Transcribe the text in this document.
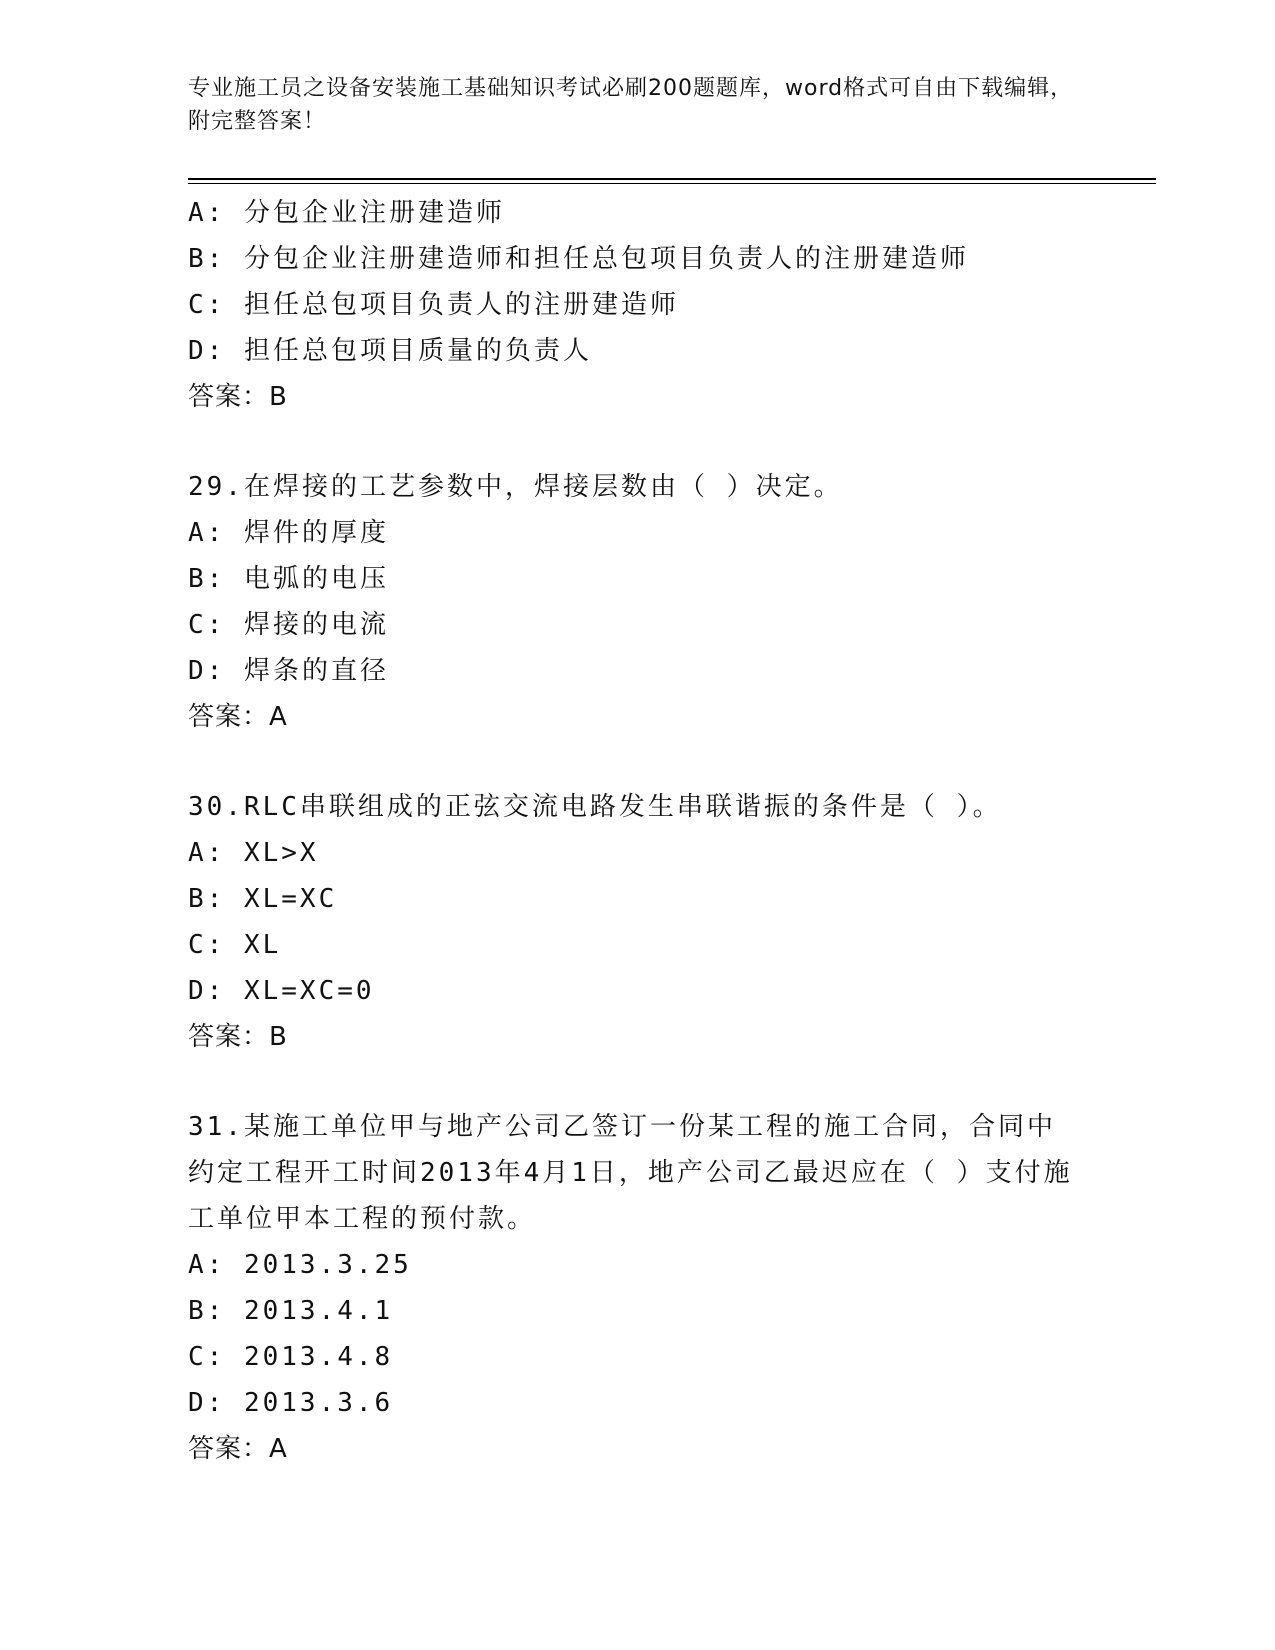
专业施工员之设备安装施工基础知识考试必刷200题题库，word格式可自由下载编辑，附完整答案！
A: 分包企业注册建造师
B: 分包企业注册建造师和担任总包项目负责人的注册建造师
C: 担任总包项目负责人的注册建造师
D: 担任总包项目质量的负责人
答案：B
29.在焊接的工艺参数中，焊接层数由（ ）决定。
A: 焊件的厚度
B: 电弧的电压
C: 焊接的电流
D: 焊条的直径
答案：A
30.RLC串联组成的正弦交流电路发生串联谐振的条件是（ ）。
A: XL>X
B: XL=XC
C: XL
D: XL=XC=0
答案：B
31.某施工单位甲与地产公司乙签订一份某工程的施工合同，合同中约定工程开工时间2013年4月1日，地产公司乙最迟应在（ ）支付施工单位甲本工程的预付款。
A: 2013.3.25
B: 2013.4.1
C: 2013.4.8
D: 2013.3.6
答案：A
